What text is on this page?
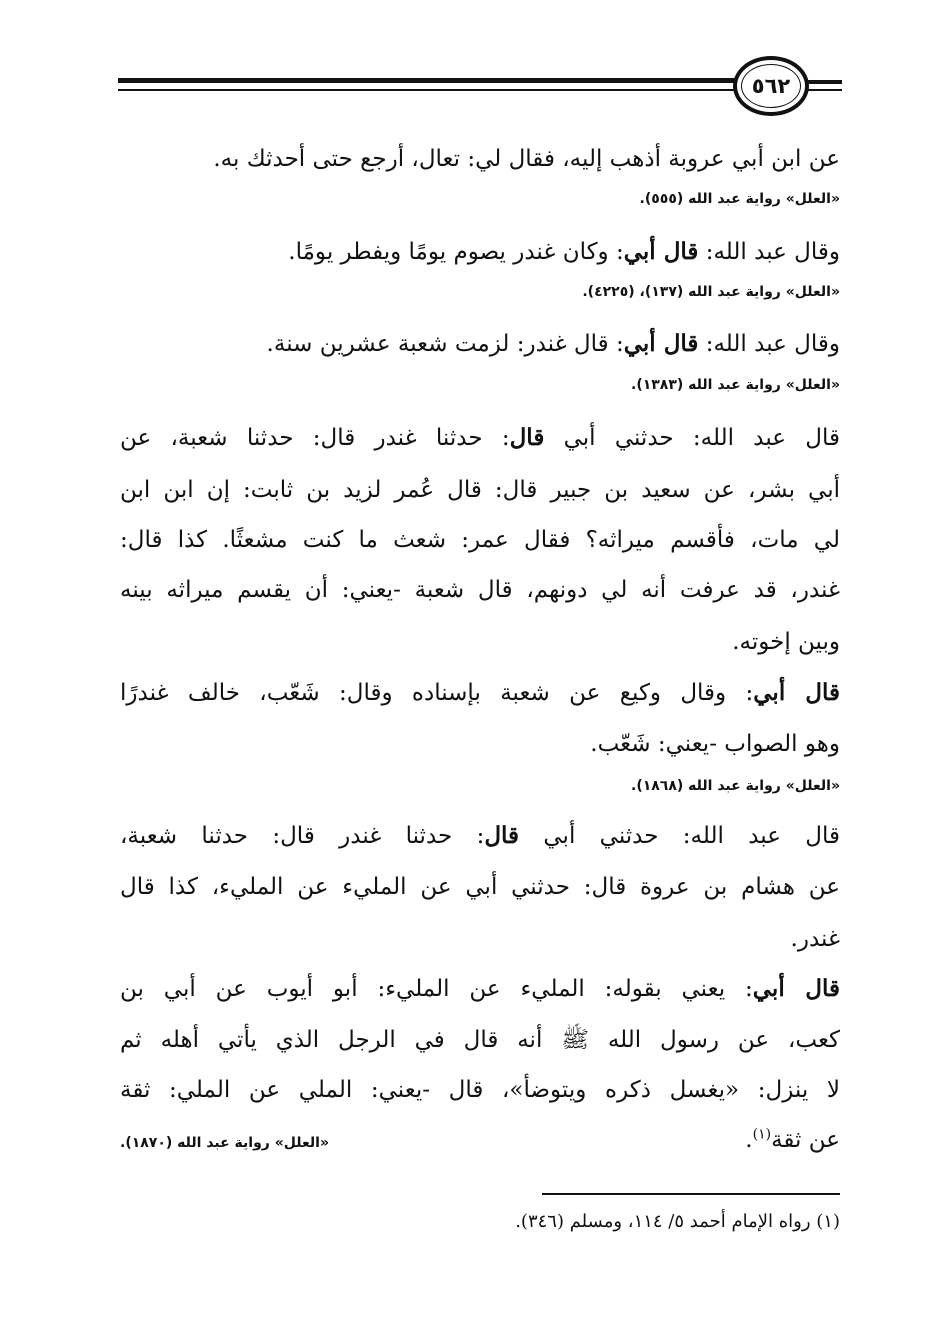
٥٦٢
عن ابن أبي عروبة أذهب إليه، فقال لي: تعال، أرجع حتى أحدثك به.
«العلل» رواية عبد الله (٥٥٥).
وقال عبد الله: قال أبي: وكان غندر يصوم يومًا ويفطر يومًا.
«العلل» رواية عبد الله (١٣٧)، (٤٢٢٥).
وقال عبد الله: قال أبي: قال غندر: لزمت شعبة عشرين سنة.
«العلل» رواية عبد الله (١٣٨٣).
قال عبد الله: حدثني أبي قال: حدثنا غندر قال: حدثنا شعبة، عن
أبي بشر، عن سعيد بن جبير قال: قال عُمر لزيد بن ثابت: إن ابن ابن
لي مات، فأقسم ميراثه؟ فقال عمر: شعث ما كنت مشعثًا. كذا قال:
غندر، قد عرفت أنه لي دونهم، قال شعبة -يعني: أن يقسم ميراثه بينه
وبين إخوته.
قال أبي: وقال وكيع عن شعبة بإسناده وقال: شَعّب، خالف غندرًا
وهو الصواب -يعني: شَعّب.
«العلل» رواية عبد الله (١٨٦٨).
قال عبد الله: حدثني أبي قال: حدثنا غندر قال: حدثنا شعبة،
عن هشام بن عروة قال: حدثني أبي عن المليء عن المليء، كذا قال
غندر.
قال أبي: يعني بقوله: المليء عن المليء: أبو أيوب عن أبي بن
كعب، عن رسول الله ﷺ أنه قال في الرجل الذي يأتي أهله ثم
لا ينزل: «يغسل ذكره ويتوضأ»، قال -يعني: الملي عن الملي: ثقة
عن ثقة$^{(١)}$.
«العلل» رواية عبد الله (١٨٧٠).
(١) رواه الإمام أحمد ٥/ ١١٤، ومسلم (٣٤٦).
